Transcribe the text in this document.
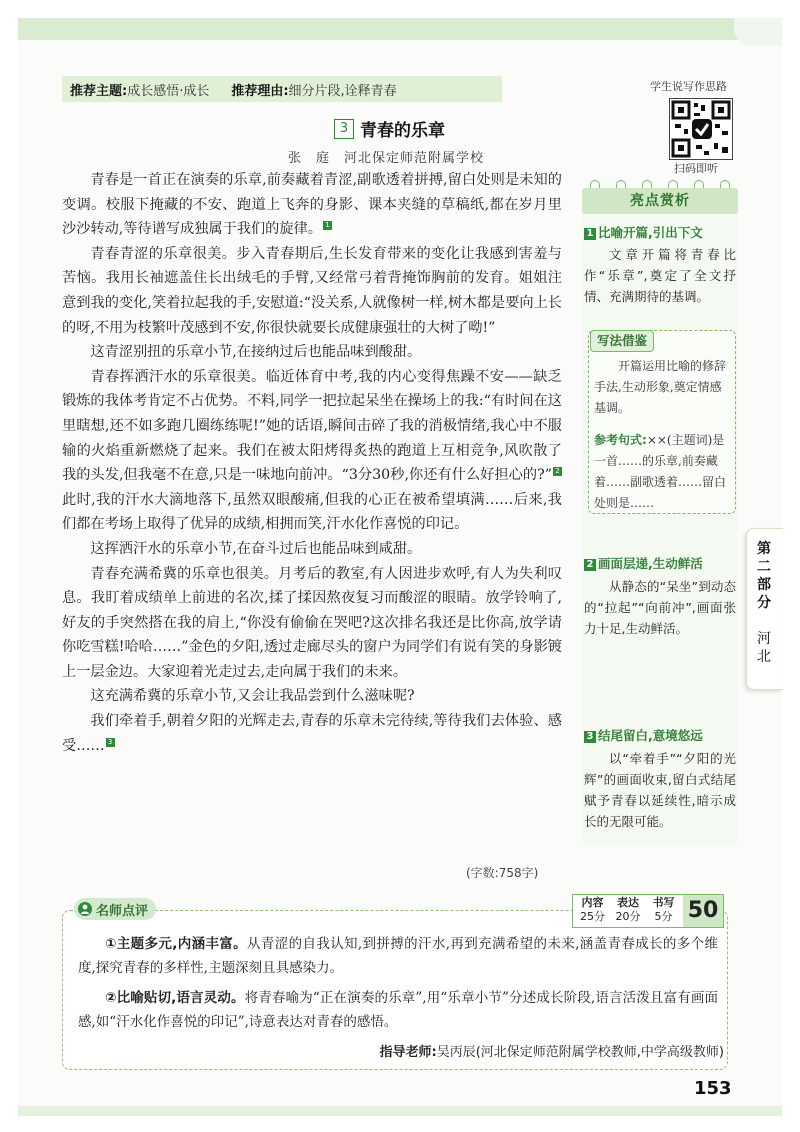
推荐主题: 成长感悟·成长 推荐理由: 细分片段,诠释青春	学生说写作思路
扫码即听
3 青春的乐章
张　庭　河北保定师范附属学校

青春是一首正在演奏的乐章,前奏藏着青涩,副歌透着拼搏,留白处则是未知的变调。校服下掩藏的不安、跑道上飞奔的身影、课本夹缝的草稿纸,都在岁月里沙沙转动,等待谱写成独属于我们的旋律。 1

青春青涩的乐章很美。步入青春期后,生长发育带来的变化让我感到害羞与苦恼。我用长袖遮盖住长出绒毛的手臂,又经常弓着背掩饰胸前的发育。姐姐注意到我的变化,笑着拉起我的手,安慰道:“没关系,人就像树一样,树木都是要向上长的呀,不用为枝繁叶茂感到不安,你很快就要长成健康强壮的大树了呦!”

这青涩别扭的乐章小节,在接纳过后也能品味到酸甜。

青春挥洒汗水的乐章很美。临近体育中考,我的内心变得焦躁不安——缺乏锻炼的我体考肯定不占优势。不料,同学一把拉起呆坐在操场上的我:“有时间在这里瞎想,还不如多跑几圈练练呢!”她的话语,瞬间击碎了我的消极情绪,我心中不服输的火焰重新燃烧了起来。我们在被太阳烤得炙热的跑道上互相竞争,风吹散了我的头发,但我毫不在意,只是一味地向前冲。“3分30秒,你还有什么好担心的?” 2此时,我的汗水大滴地落下,虽然双眼酸痛,但我的心正在被希望填满……后来,我们都在考场上取得了优异的成绩,相拥而笑,汗水化作喜悦的印记。

这挥洒汗水的乐章小节,在奋斗过后也能品味到咸甜。

青春充满希冀的乐章也很美。月考后的教室,有人因进步欢呼,有人为失利叹息。我盯着成绩单上前进的名次,揉了揉因熬夜复习而酸涩的眼睛。放学铃响了,好友的手突然搭在我的肩上,“你没有偷偷在哭吧?这次排名我还是比你高,放学请你吃雪糕!哈哈……”金色的夕阳,透过走廊尽头的窗户为同学们有说有笑的身影镀上一层金边。大家迎着光走过去,走向属于我们的未来。

这充满希冀的乐章小节,又会让我品尝到什么滋味呢?

我们牵着手,朝着夕阳的光辉走去,青春的乐章未完待续,等待我们去体验、感受…… 3

(字数:758字)
亮点赏析
1 比喻开篇,引出下文
文章开篇将青春比作“乐章”,奠定了全文抒情、充满期待的基调。
写法借鉴
开篇运用比喻的修辞手法,生动形象,奠定情感基调。
参考句式:××(主题词)是一首……的乐章,前奏藏着……副歌透着……留白处则是……
2 画面层递,生动鲜活
从静态的“呆坐”到动态的“拉起”“向前冲”,画面张力十足,生动鲜活。
3 结尾留白,意境悠远
以“牵着手”“夕阳的光辉”的画面收束,留白式结尾赋予青春以延续性,暗示成长的无限可能。
第二部分
河北
名师点评
内容	表达	书写
25分 20分	5分 50
①主题多元,内涵丰富。从青涩的自我认知,到拼搏的汗水,再到充满希望的未来,涵盖青春成长的多个维度,探究青春的多样性,主题深刻且具感染力。
②比喻贴切,语言灵动。将青春喻为“正在演奏的乐章”,用“乐章小节”分述成长阶段,语言活泼且富有画面感,如“汗水化作喜悦的印记”,诗意表达对青春的感悟。
指导老师:吴丙辰(河北保定师范附属学校教师,中学高级教师)
153
